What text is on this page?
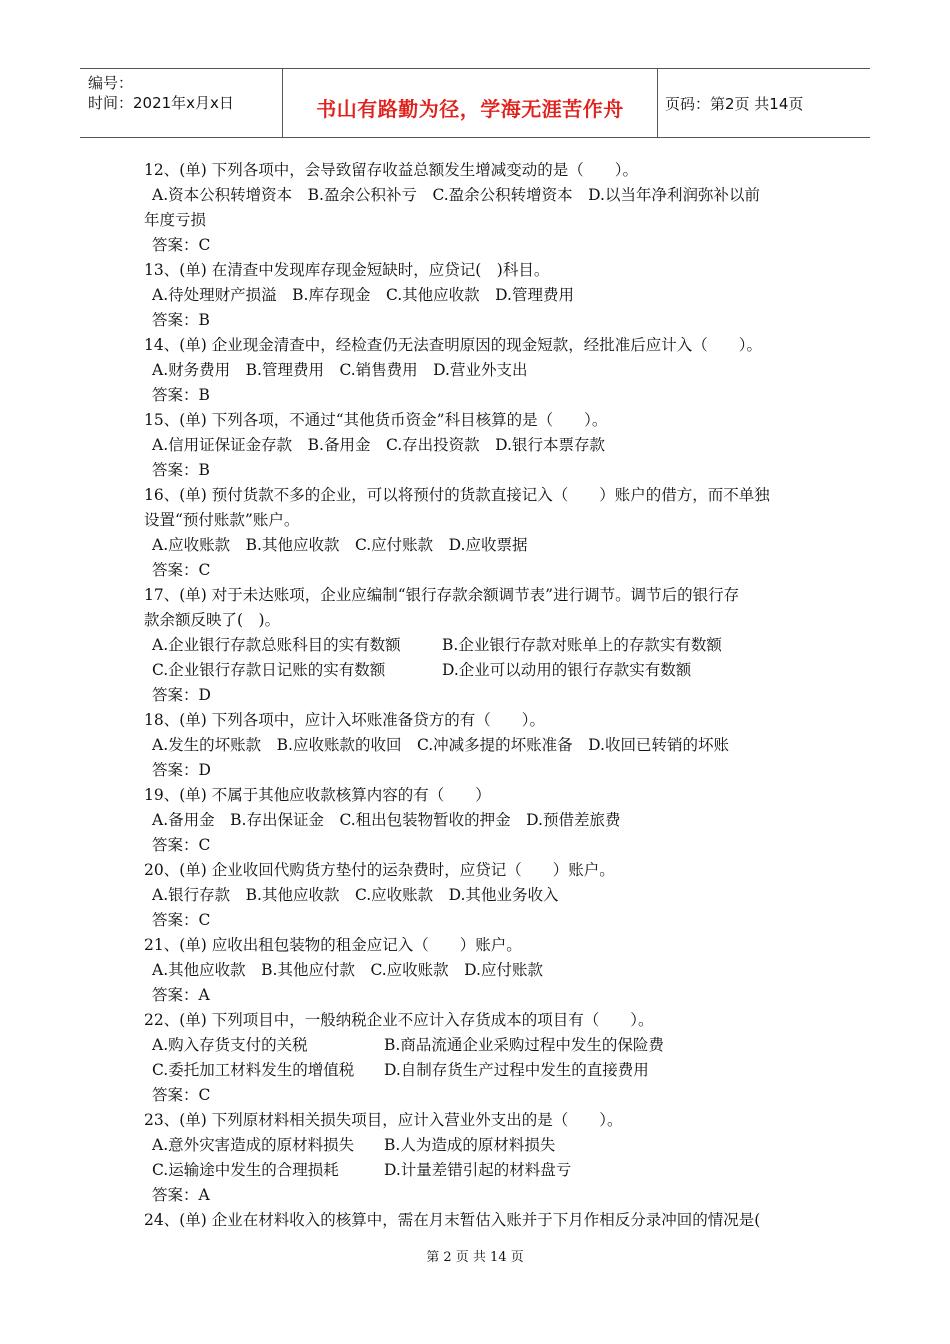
编号：
时间：2021年x月x日	书山有路勤为径，学海无涯苦作舟	页码：第2页 共14页
12、(单) 下列各项中，会导致留存收益总额发生增减变动的是（　　）。
A.资本公积转增资本　B.盈余公积补亏　C.盈余公积转增资本　D.以当年净利润弥补以前
年度亏损
答案：C
13、(单) 在清查中发现库存现金短缺时，应贷记(　)科目。
A.待处理财产损溢　B.库存现金　C.其他应收款　D.管理费用
答案：B
14、(单) 企业现金清查中，经检查仍无法查明原因的现金短款，经批准后应计入（　　）。
A.财务费用　B.管理费用　C.销售费用　D.营业外支出
答案：B
15、(单) 下列各项，不通过“其他货币资金”科目核算的是（　　）。
A.信用证保证金存款　B.备用金　C.存出投资款　D.银行本票存款
答案：B
16、(单) 预付货款不多的企业，可以将预付的货款直接记入（　　）账户的借方，而不单独
设置“预付账款”账户。
A.应收账款　B.其他应收款　C.应付账款　D.应收票据
答案：C
17、(单) 对于未达账项，企业应编制“银行存款余额调节表”进行调节。调节后的银行存
款余额反映了(　)。
A.企业银行存款总账科目的实有数额	B.企业银行存款对账单上的存款实有数额
C.企业银行存款日记账的实有数额	D.企业可以动用的银行存款实有数额
答案：D
18、(单) 下列各项中，应计入坏账准备贷方的有（　　）。
A.发生的坏账款　B.应收账款的收回　C.冲减多提的坏账准备　D.收回已转销的坏账
答案：D
19、(单) 不属于其他应收款核算内容的有（　　）
A.备用金　B.存出保证金　C.租出包装物暂收的押金　D.预借差旅费
答案：C
20、(单) 企业收回代购货方垫付的运杂费时，应贷记（　　）账户。
A.银行存款　B.其他应收款　C.应收账款　D.其他业务收入
答案：C
21、(单) 应收出租包装物的租金应记入（　　）账户。
A.其他应收款　B.其他应付款　C.应收账款　D.应付账款
答案：A
22、(单) 下列项目中，一般纳税企业不应计入存货成本的项目有（　　）。
A.购入存货支付的关税	B.商品流通企业采购过程中发生的保险费
C.委托加工材料发生的增值税	D.自制存货生产过程中发生的直接费用
答案：C
23、(单) 下列原材料相关损失项目，应计入营业外支出的是（　　）。
A.意外灾害造成的原材料损失	B.人为造成的原材料损失
C.运输途中发生的合理损耗	D.计量差错引起的材料盘亏
答案：A
24、(单) 企业在材料收入的核算中，需在月末暂估入账并于下月作相反分录冲回的情况是(
第 2 页 共 14 页
